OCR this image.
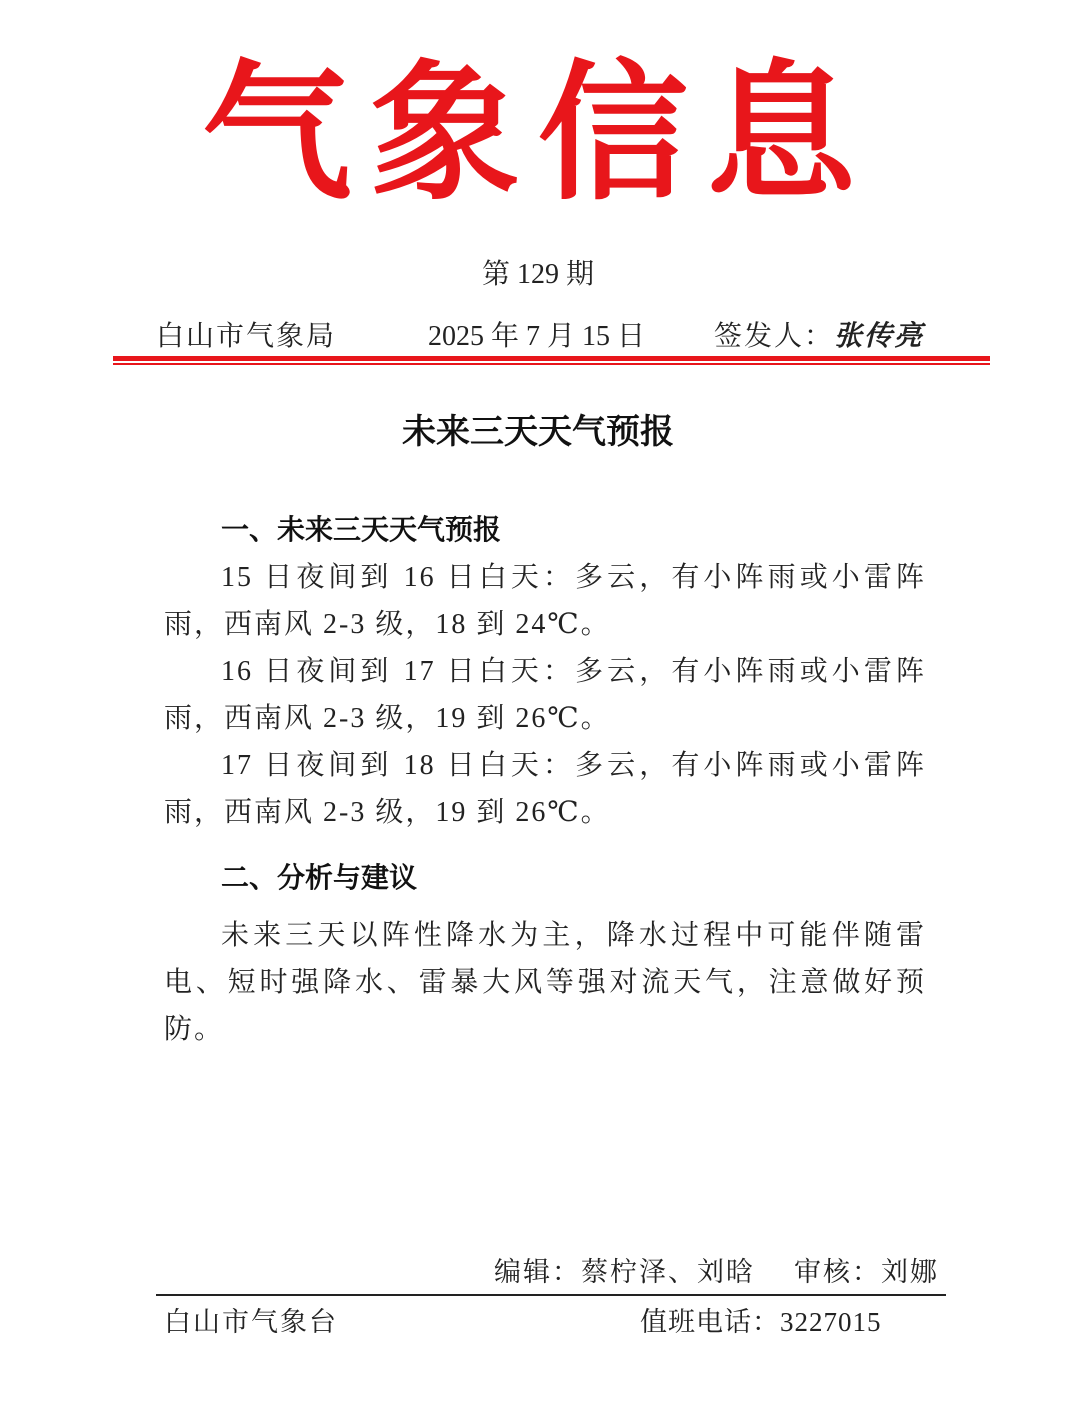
气象信息
第 129 期
白山市气象局	2025 年 7 月 15 日 签发人：张传亮
未来三天天气预报
一、未来三天天气预报
15 日夜间到 16 日白天：多云，有小阵雨或小雷阵雨，西南风 2-3 级，18 到 24℃。
16 日夜间到 17 日白天：多云，有小阵雨或小雷阵雨，西南风 2-3 级，19 到 26℃。
17 日夜间到 18 日白天：多云，有小阵雨或小雷阵雨，西南风 2-3 级，19 到 26℃。
二、分析与建议
未来三天以阵性降水为主，降水过程中可能伴随雷电、短时强降水、雷暴大风等强对流天气，注意做好预防。
编辑：蔡柠泽、刘晗 审核：刘娜
白山市气象台	值班电话：3227015
